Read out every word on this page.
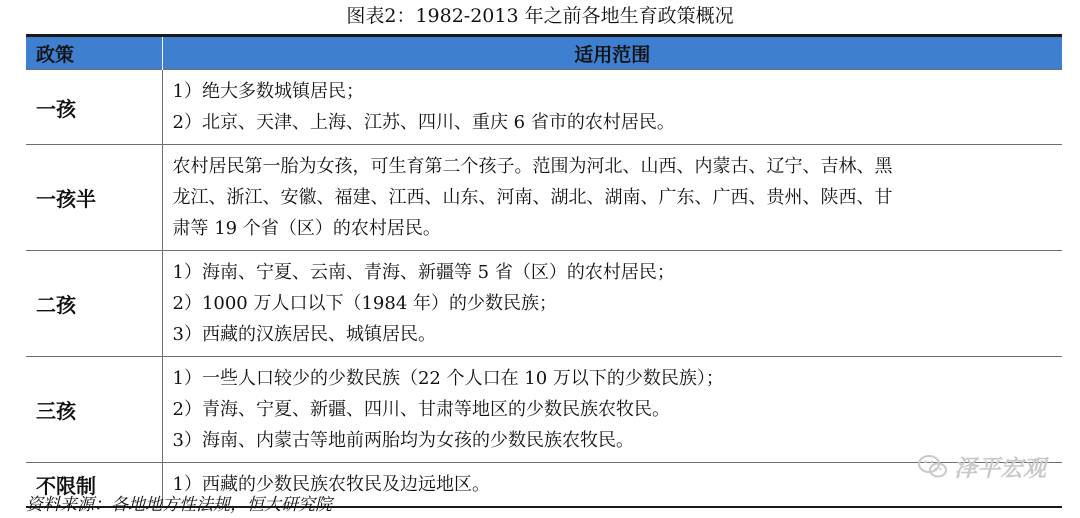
图表2：1982-2013 年之前各地生育政策概况
政策	适用范围
一孩	1）绝大多数城镇居民；
2）北京、天津、上海、江苏、四川、重庆 6 省市的农村居民。

一孩半	农村居民第一胎为女孩，可生育第二个孩子。范围为河北、山西、内蒙古、辽宁、吉林、黑
龙江、浙江、安徽、福建、江西、山东、河南、湖北、湖南、广东、广西、贵州、陕西、甘
肃等 19 个省（区）的农村居民。

二孩	1）海南、宁夏、云南、青海、新疆等 5 省（区）的农村居民；
2）1000 万人口以下（1984 年）的少数民族；
3）西藏的汉族居民、城镇居民。

三孩	1）一些人口较少的少数民族（22 个人口在 10 万以下的少数民族）；
2）青海、宁夏、新疆、四川、甘肃等地区的少数民族农牧民。
3）海南、内蒙古等地前两胎均为女孩的少数民族农牧民。

不限制	1）西藏的少数民族农牧民及边远地区。
资料来源：各地地方性法规，恒大研究院
泽平宏观
